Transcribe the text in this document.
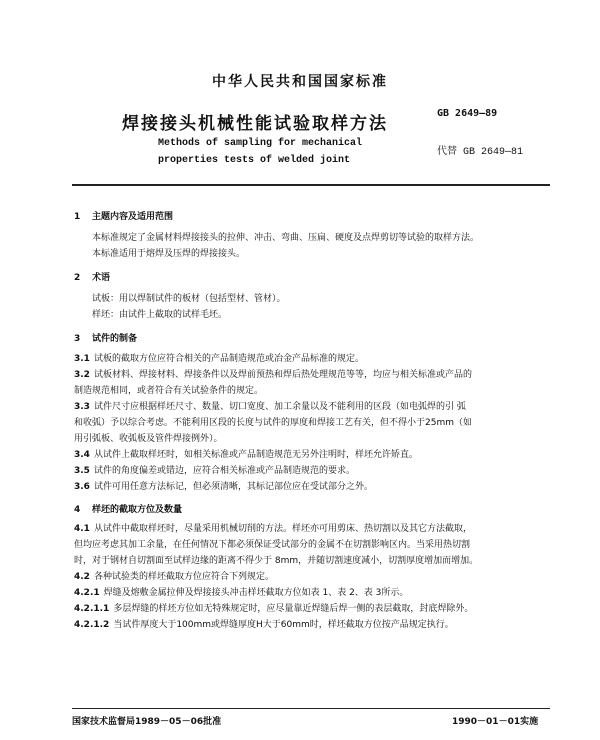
中华人民共和国国家标准
焊接接头机械性能试验取样方法
GB 2649—89
Methods of sampling for mechanical
properties tests of welded joint
代替 GB 2649—81
1 主题内容及适用范围
本标准规定了金属材料焊接接头的拉伸、冲击、弯曲、压扁、硬度及点焊剪切等试验的取样方法。
本标准适用于熔焊及压焊的焊接接头。
2 术语
试板：用以焊制试件的板材（包括型材、管材）。
样坯：由试件上截取的试样毛坯。
3 试件的制备
3.1 试板的截取方位应符合相关的产品制造规范或冶金产品标准的规定。
3.2 试板材料、焊接材料、焊接条件以及焊前预热和焊后热处理规范等等，均应与相关标准或产品的
制造规范相同，或者符合有关试验条件的规定。
3.3 试件尺寸应根据样坯尺寸、数量、切口宽度、加工余量以及不能利用的区段（如电弧焊的引 弧
和收弧）予以综合考虑。不能利用区段的长度与试件的厚度和焊接工艺有关，但不得小于25mm（如
用引弧板、收弧板及管件焊接例外）。
3.4 从试件上截取样坯时，如相关标准或产品制造规范无另外注明时，样坯允许矫直。
3.5 试件的角度偏差或错边，应符合相关标准或产品制造规范的要求。
3.6 试件可用任意方法标记，但必须清晰，其标记部位应在受试部分之外。
4 样坯的截取方位及数量
4.1 从试件中截取样坯时，尽量采用机械切削的方法。样坯亦可用剪床、热切割以及其它方法截取，
但均应考虑其加工余量，在任何情况下都必须保证受试部分的金属不在切割影响区内。当采用热切割
时，对于钢材自切割面至试样边缘的距离不得少于 8mm，并随切割速度减小，切割厚度增加而增加。
4.2 各种试验类的样坯截取方位应符合下列规定。
4.2.1 焊缝及熔敷金属拉伸及焊接接头冲击样坯截取方位如表 1、表 2、表 3所示。
4.2.1.1 多层焊缝的样坯方位如无特殊规定时，应尽量靠近焊缝后焊一侧的表层截取，封底焊除外。
4.2.1.2 当试件厚度大于100mm或焊缝厚度H大于60mm时，样坯截取方位按产品规定执行。
国家技术监督局1989－05－06批准	1990－01－01实施
